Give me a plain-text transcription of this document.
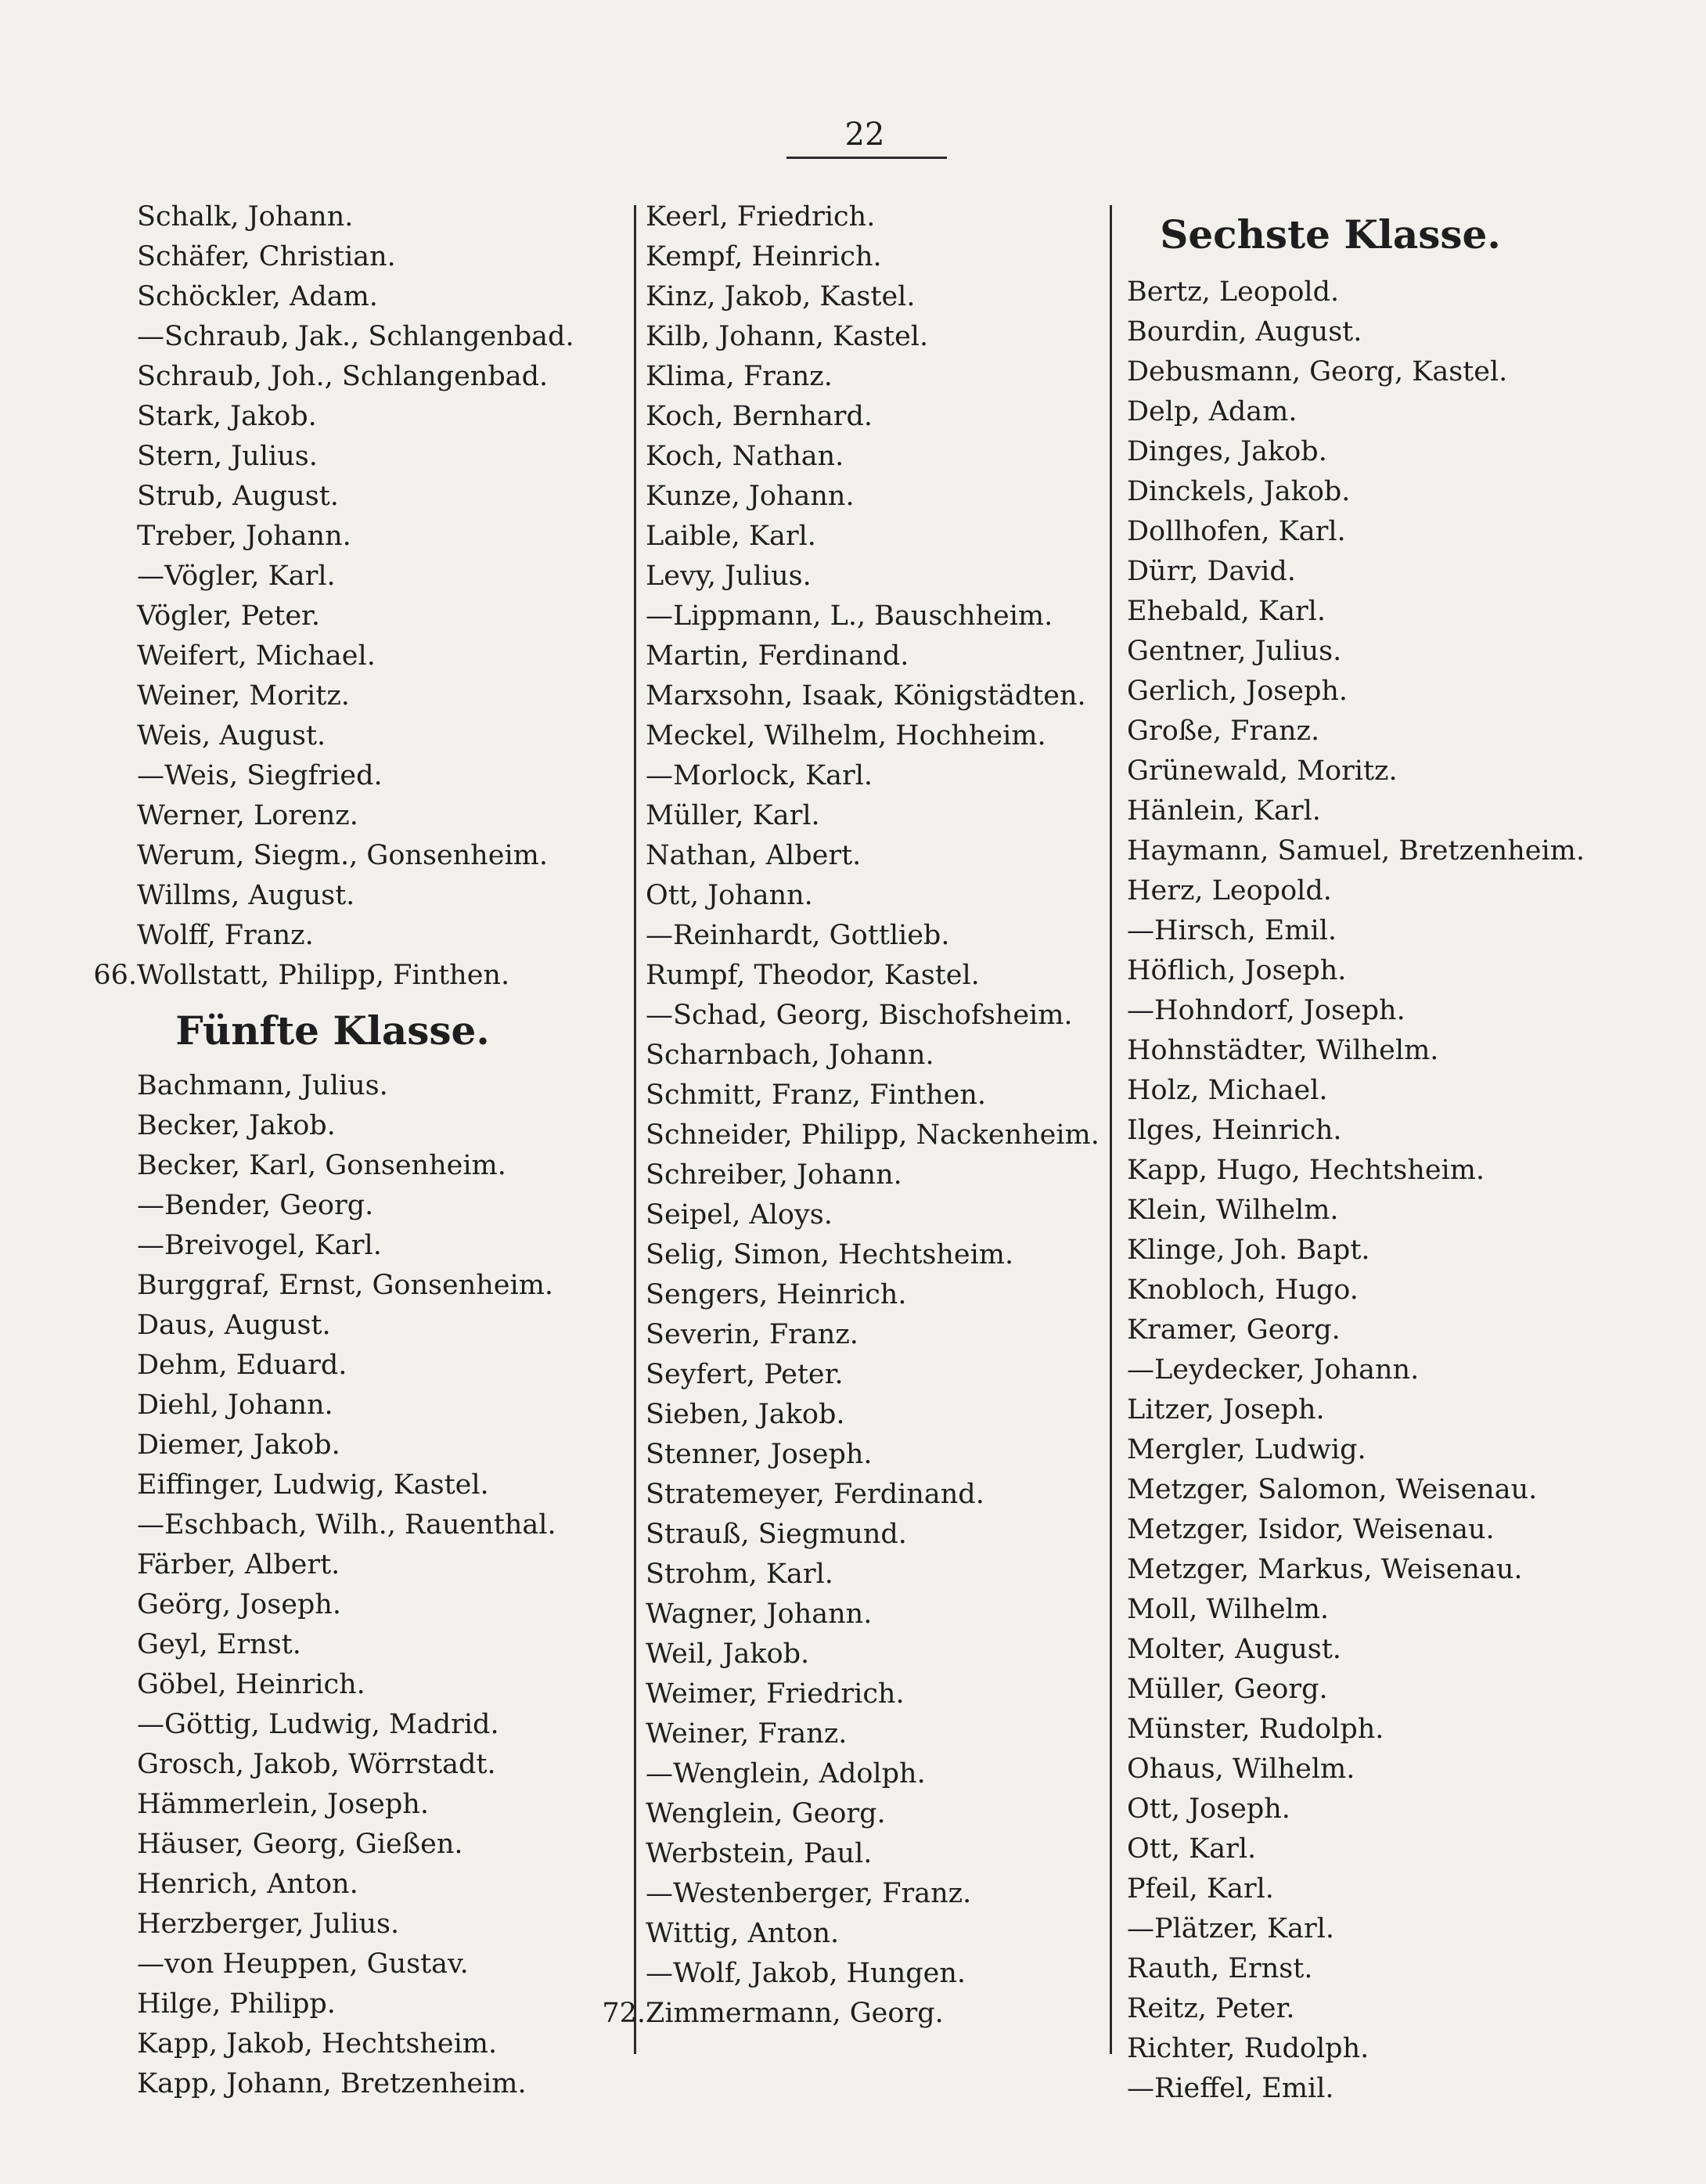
22
Schalk, Johann.
Schäfer, Christian.
Schöckler, Adam.
—Schraub, Jak., Schlangenbad.
Schraub, Joh., Schlangenbad.
Stark, Jakob.
Stern, Julius.
Strub, August.
Treber, Johann.
—Vögler, Karl.
Vögler, Peter.
Weifert, Michael.
Weiner, Moritz.
Weis, August.
—Weis, Siegfried.
Werner, Lorenz.
Werum, Siegm., Gonsenheim.
Willms, August.
Wolff, Franz.
66. Wollstatt, Philipp, Finthen.
Fünfte Klasse.
Bachmann, Julius.
Becker, Jakob.
Becker, Karl, Gonsenheim.
—Bender, Georg.
—Breivogel, Karl.
Burggraf, Ernst, Gonsenheim.
Daus, August.
Dehm, Eduard.
Diehl, Johann.
Diemer, Jakob.
Eiffinger, Ludwig, Kastel.
—Eschbach, Wilh., Rauenthal.
Färber, Albert.
Geörg, Joseph.
Geyl, Ernst.
Göbel, Heinrich.
—Göttig, Ludwig, Madrid.
Grosch, Jakob, Wörrstadt.
Hämmerlein, Joseph.
Häuser, Georg, Gießen.
Henrich, Anton.
Herzberger, Julius.
—von Heuppen, Gustav.
Hilge, Philipp.
Kapp, Jakob, Hechtsheim.
Kapp, Johann, Bretzenheim.
Keerl, Friedrich.
Kempf, Heinrich.
Kinz, Jakob, Kastel.
Kilb, Johann, Kastel.
Klima, Franz.
Koch, Bernhard.
Koch, Nathan.
Kunze, Johann.
Laible, Karl.
Levy, Julius.
—Lippmann, L., Bauschheim.
Martin, Ferdinand.
Marxsohn, Isaak, Königstädten.
Meckel, Wilhelm, Hochheim.
—Morlock, Karl.
Müller, Karl.
Nathan, Albert.
Ott, Johann.
—Reinhardt, Gottlieb.
Rumpf, Theodor, Kastel.
—Schad, Georg, Bischofsheim.
Scharnbach, Johann.
Schmitt, Franz, Finthen.
Schneider, Philipp, Nackenheim.
Schreiber, Johann.
Seipel, Aloys.
Selig, Simon, Hechtsheim.
Sengers, Heinrich.
Severin, Franz.
Seyfert, Peter.
Sieben, Jakob.
Stenner, Joseph.
Stratemeyer, Ferdinand.
Strauß, Siegmund.
Strohm, Karl.
Wagner, Johann.
Weil, Jakob.
Weimer, Friedrich.
Weiner, Franz.
—Wenglein, Adolph.
Wenglein, Georg.
Werbstein, Paul.
—Westenberger, Franz.
Wittig, Anton.
—Wolf, Jakob, Hungen.
72. Zimmermann, Georg.
Sechste Klasse.
Bertz, Leopold.
Bourdin, August.
Debusmann, Georg, Kastel.
Delp, Adam.
Dinges, Jakob.
Dinckels, Jakob.
Dollhofen, Karl.
Dürr, David.
Ehebald, Karl.
Gentner, Julius.
Gerlich, Joseph.
Große, Franz.
Grünewald, Moritz.
Hänlein, Karl.
Haymann, Samuel, Bretzenheim.
Herz, Leopold.
—Hirsch, Emil.
Höflich, Joseph.
—Hohndorf, Joseph.
Hohnstädter, Wilhelm.
Holz, Michael.
Ilges, Heinrich.
Kapp, Hugo, Hechtsheim.
Klein, Wilhelm.
Klinge, Joh. Bapt.
Knobloch, Hugo.
Kramer, Georg.
—Leydecker, Johann.
Litzer, Joseph.
Mergler, Ludwig.
Metzger, Salomon, Weisenau.
Metzger, Isidor, Weisenau.
Metzger, Markus, Weisenau.
Moll, Wilhelm.
Molter, August.
Müller, Georg.
Münster, Rudolph.
Ohaus, Wilhelm.
Ott, Joseph.
Ott, Karl.
Pfeil, Karl.
—Plätzer, Karl.
Rauth, Ernst.
Reitz, Peter.
Richter, Rudolph.
—Rieffel, Emil.
